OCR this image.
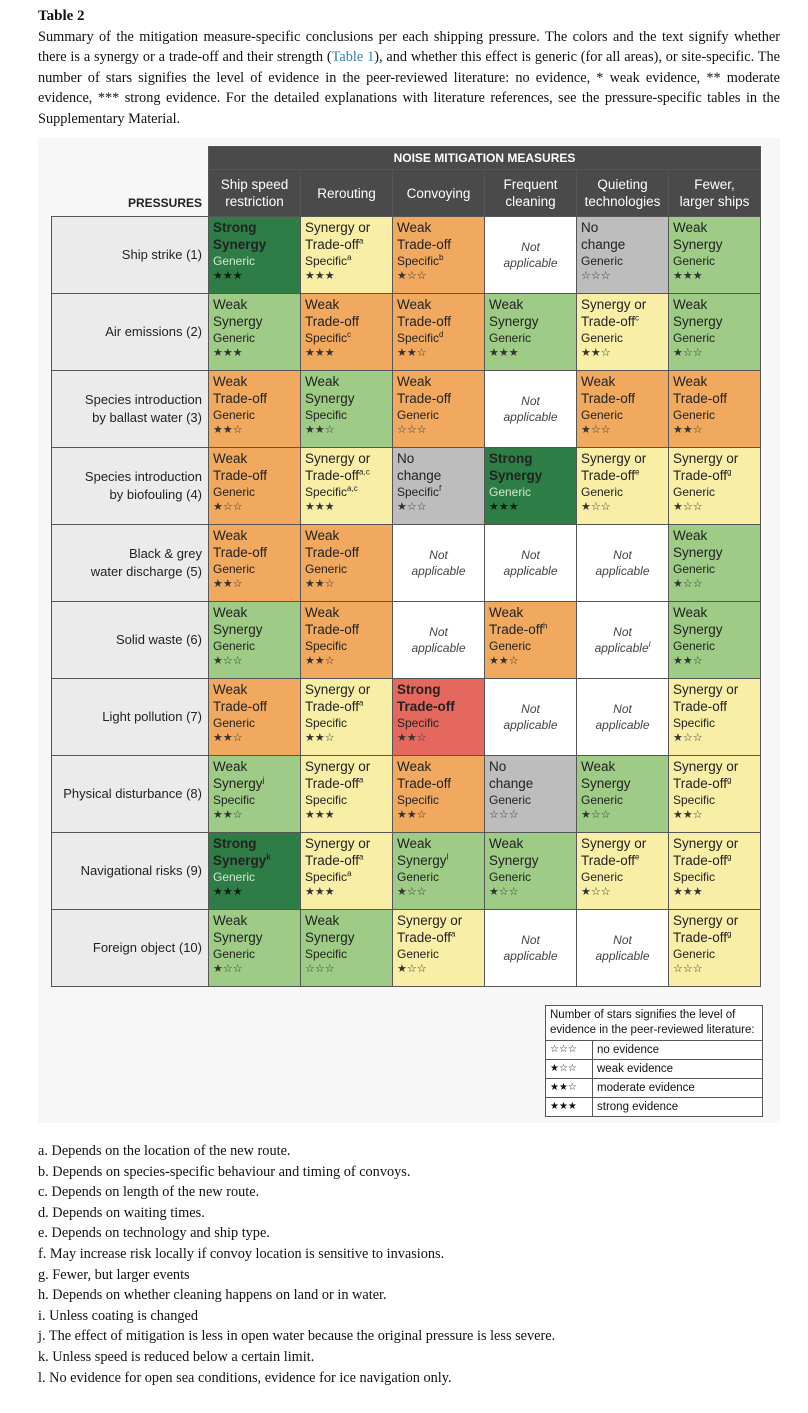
Table 2
Summary of the mitigation measure-specific conclusions per each shipping pressure. The colors and the text signify whether there is a synergy or a trade-off and their strength (Table 1), and whether this effect is generic (for all areas), or site-specific. The number of stars signifies the level of evidence in the peer-reviewed literature: no evidence, * weak evidence, ** moderate evidence, *** strong evidence. For the detailed explanations with literature references, see the pressure-specific tables in the Supplementary Material.
	NOISE MITIGATION MEASURES					
PRESSURES	Ship speed
restriction	Rerouting	Convoying	Frequent
cleaning	Quieting
technologies	Fewer,
larger ships

Ship strike (1)	Strong
Synergy
Generic
★★★	Synergy or
Trade-off$^a$
Specific$^a$
★★★	Weak
Trade-off
Specific$^b$
★☆☆	Not
applicable	No
change
Generic
☆☆☆	Weak
Synergy
Generic
★★★

Air emissions (2)	Weak
Synergy
Generic
★★★	Weak
Trade-off
Specific$^c$
★★★	Weak
Trade-off
Specific$^d$
★★☆	Weak
Synergy
Generic
★★★	Synergy or
Trade-off$^c$
Generic
★★☆	Weak
Synergy
Generic
★☆☆

Species introduction
by ballast water (3)	Weak
Trade-off
Generic
★★☆	Weak
Synergy
Specific
★★☆	Weak
Trade-off
Generic
☆☆☆	Not
applicable	Weak
Trade-off
Generic
★☆☆	Weak
Trade-off
Generic
★★☆

Species introduction
by biofouling (4)	Weak
Trade-off
Generic
★☆☆	Synergy or
Trade-off$^{a,c}$
Specific$^{a,c}$
★★★	No
change
Specific$^f$
★☆☆	Strong
Synergy
Generic
★★★	Synergy or
Trade-off$^e$
Generic
★☆☆	Synergy or
Trade-off$^g$
Generic
★☆☆

Black & grey
water discharge (5)	Weak
Trade-off
Generic
★★☆	Weak
Trade-off
Generic
★★☆	Not
applicable	Not
applicable	Not
applicable	Weak
Synergy
Generic
★☆☆

Solid waste (6)	Weak
Synergy
Generic
★☆☆	Weak
Trade-off
Specific
★★☆	Not
applicable	Weak
Trade-off$^h$
Generic
★★☆	Not
applicable$^l$	Weak
Synergy
Generic
★★☆

Light pollution (7)	Weak
Trade-off
Generic
★★☆	Synergy or
Trade-off$^a$
Specific
★★☆	Strong
Trade-off
Specific
★★☆	Not
applicable	Not
applicable	Synergy or
Trade-off
Specific
★☆☆

Physical disturbance (8)	Weak
Synergy$^j$
Specific
★★☆	Synergy or
Trade-off$^a$
Specific
★★★	Weak
Trade-off
Specific
★★☆	No
change
Generic
☆☆☆	Weak
Synergy
Generic
★☆☆	Synergy or
Trade-off$^g$
Specific
★★☆

Navigational risks (9)	Strong
Synergy$^k$
Generic
★★★	Synergy or
Trade-off$^a$
Specific$^a$
★★★	Weak
Synergy$^l$
Generic
★☆☆	Weak
Synergy
Generic
★☆☆	Synergy or
Trade-off$^e$
Generic
★☆☆	Synergy or
Trade-off$^g$
Specific
★★★

Foreign object (10)	Weak
Synergy
Generic
★☆☆	Weak
Synergy
Specific
☆☆☆	Synergy or
Trade-off$^a$
Generic
★☆☆	Not
applicable	Not
applicable	Synergy or
Trade-off$^g$
Generic
☆☆☆
Number of stars signifies the level of evidence in the peer-reviewed literature:	
☆☆☆	no evidence
★☆☆	weak evidence
★★☆	moderate evidence
★★★	strong evidence
a. Depends on the location of the new route.
b. Depends on species-specific behaviour and timing of convoys.
c. Depends on length of the new route.
d. Depends on waiting times.
e. Depends on technology and ship type.
f. May increase risk locally if convoy location is sensitive to invasions.
g. Fewer, but larger events
h. Depends on whether cleaning happens on land or in water.
i. Unless coating is changed
j. The effect of mitigation is less in open water because the original pressure is less severe.
k. Unless speed is reduced below a certain limit.
l. No evidence for open sea conditions, evidence for ice navigation only.
